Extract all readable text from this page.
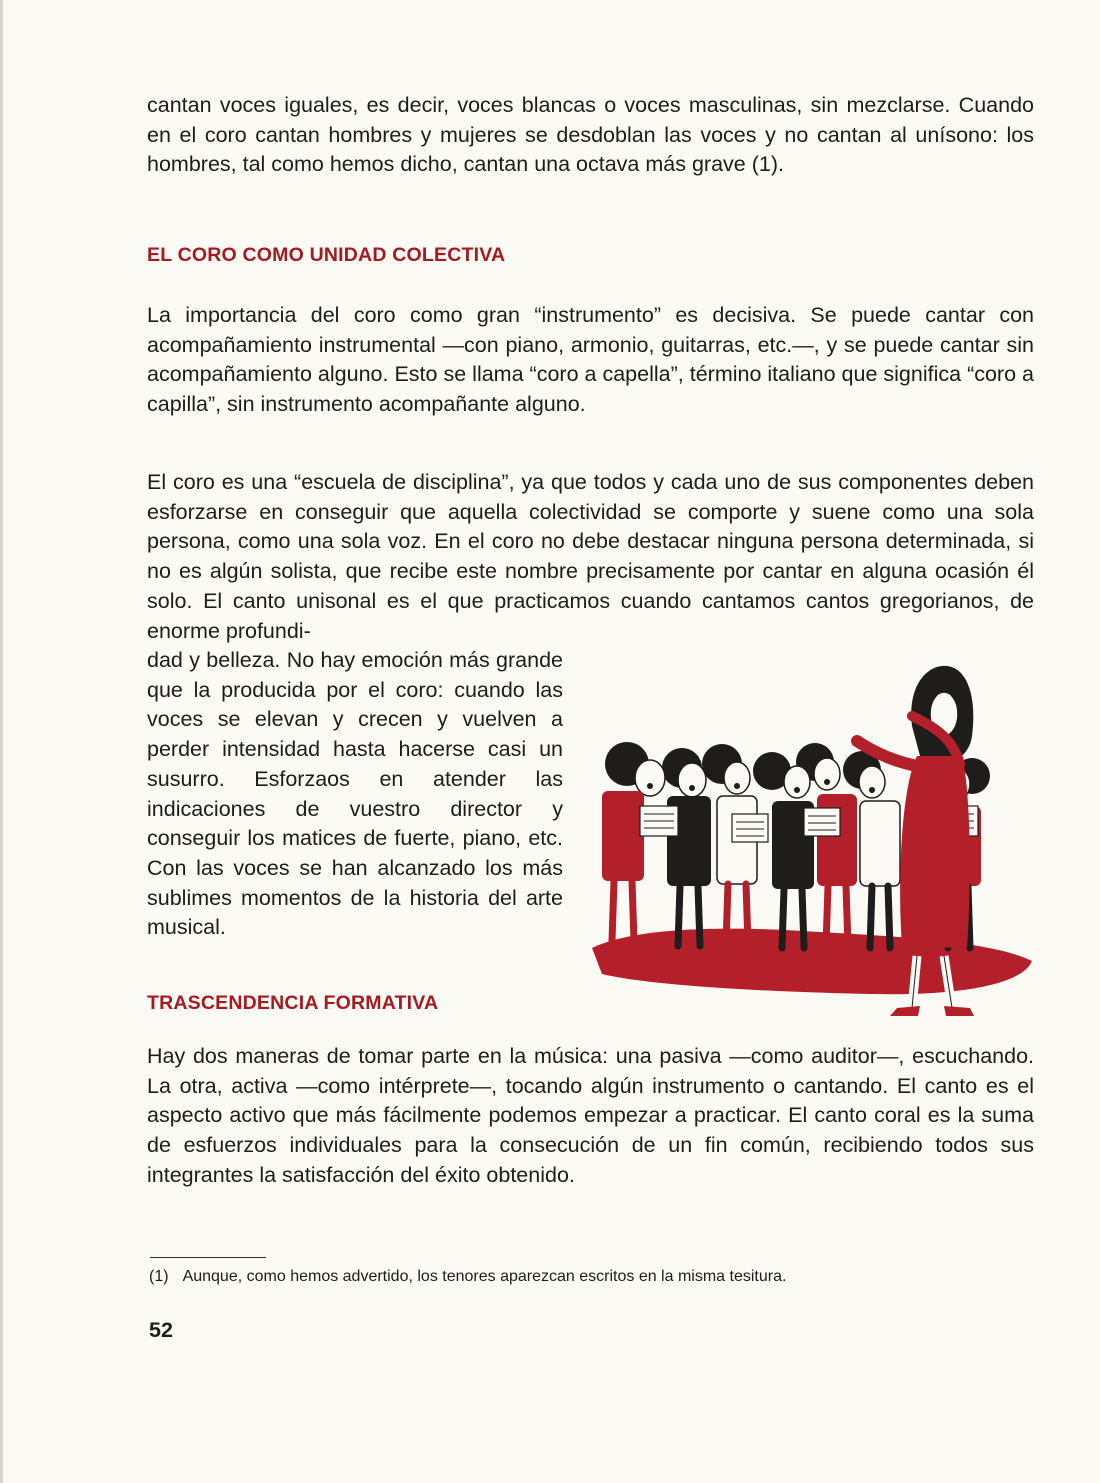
cantan voces iguales, es decir, voces blancas o voces masculinas, sin mezclarse. Cuando en el coro cantan hombres y mujeres se desdoblan las voces y no cantan al unísono: los hombres, tal como hemos dicho, cantan una octava más grave (1).

EL CORO COMO UNIDAD COLECTIVA

La importancia del coro como gran “instrumento” es decisiva. Se puede cantar con acompañamiento instrumental —con piano, armonio, guitarras, etc.—, y se puede cantar sin acompañamiento alguno. Esto se llama “coro a capella”, término italiano que significa “coro a capilla”, sin instrumento acompañante alguno.

El coro es una “escuela de disciplina”, ya que todos y cada uno de sus componentes deben esforzarse en conseguir que aquella colectividad se comporte y suene como una sola persona, como una sola voz. En el coro no debe destacar ninguna persona determinada, si no es algún solista, que recibe este nombre precisamente por cantar en alguna ocasión él solo. El canto unisonal es el que practicamos cuando cantamos cantos gregorianos, de enorme profundi-

dad y belleza. No hay emoción más grande que la producida por el coro: cuando las voces se elevan y crecen y vuelven a perder intensidad hasta hacerse casi un susurro. Esforzaos en atender las indicaciones de vuestro director y conseguir los matices de fuerte, piano, etc. Con las voces se han alcanzado los más sublimes momentos de la historia del arte musical.

TRASCENDENCIA FORMATIVA

Hay dos maneras de tomar parte en la música: una pasiva —como auditor—, escuchando. La otra, activa —como intérprete—, tocando algún instrumento o cantando. El canto es el aspecto activo que más fácilmente podemos empezar a practicar. El canto coral es la suma de esfuerzos individuales para la consecución de un fin común, recibiendo todos sus integrantes la satisfacción del éxito obtenido.

(1) Aunque, como hemos advertido, los tenores aparezcan escritos en la misma tesitura.

52
